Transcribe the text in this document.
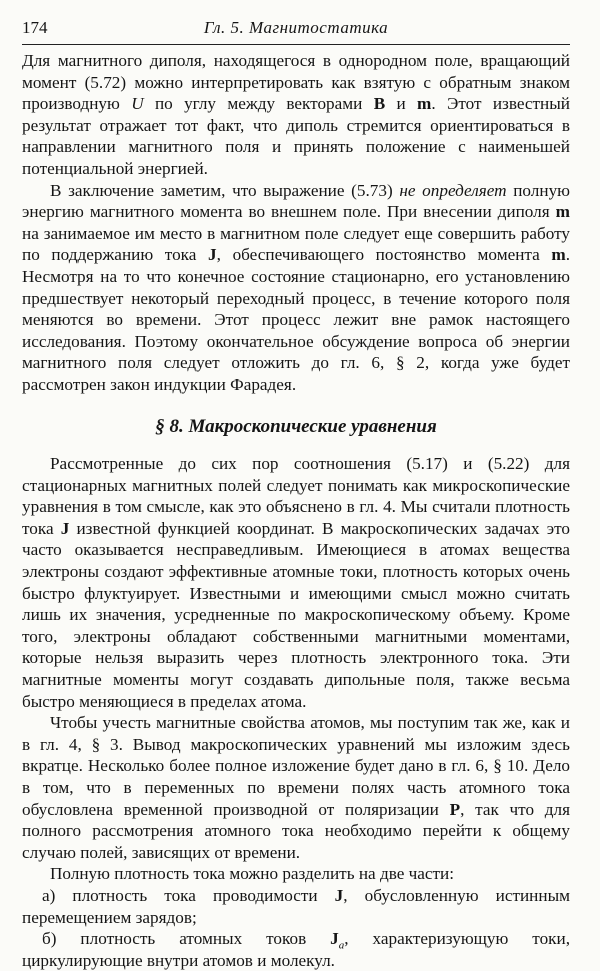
174	Гл. 5. Магнитостатика

Для магнитного диполя, находящегося в однородном поле, вращающий момент (5.72) можно интерпретировать как взятую с обратным знаком производную U по углу между векторами B и m. Этот известный результат отражает тот факт, что диполь стремится ориентироваться в направлении магнитного поля и принять положение с наименьшей потенциальной энергией.

В заключение заметим, что выражение (5.73) не определяет полную энергию магнитного момента во внешнем поле. При внесении диполя m на занимаемое им место в магнитном поле следует еще совершить работу по поддержанию тока J, обеспечивающего постоянство момента m. Несмотря на то что конечное состояние стационарно, его установлению предшествует некоторый переходный процесс, в течение которого поля меняются во времени. Этот процесс лежит вне рамок настоящего исследования. Поэтому окончательное обсуждение вопроса об энергии магнитного поля следует отложить до гл. 6, § 2, когда уже будет рассмотрен закон индукции Фарадея.

§ 8. Макроскопические уравнения

Рассмотренные до сих пор соотношения (5.17) и (5.22) для стационарных магнитных полей следует понимать как микроскопические уравнения в том смысле, как это объяснено в гл. 4. Мы считали плотность тока J известной функцией координат. В макроскопических задачах это часто оказывается несправедливым. Имеющиеся в атомах вещества электроны создают эффективные атомные токи, плотность которых очень быстро флуктуирует. Известными и имеющими смысл можно считать лишь их значения, усредненные по макроскопическому объему. Кроме того, электроны обладают собственными магнитными моментами, которые нельзя выразить через плотность электронного тока. Эти магнитные моменты могут создавать дипольные поля, также весьма быстро меняющиеся в пределах атома.

Чтобы учесть магнитные свойства атомов, мы поступим так же, как и в гл. 4, § 3. Вывод макроскопических уравнений мы изложим здесь вкратце. Несколько более полное изложение будет дано в гл. 6, § 10. Дело в том, что в переменных по времени полях часть атомного тока обусловлена временной производной от поляризации P, так что для полного рассмотрения атомного тока необходимо перейти к общему случаю полей, зависящих от времени.

Полную плотность тока можно разделить на две части:

а) плотность тока проводимости J, обусловленную истинным перемещением зарядов;

б) плотность атомных токов $J_a$, характеризующую токи, циркулирующие внутри атомов и молекул.
